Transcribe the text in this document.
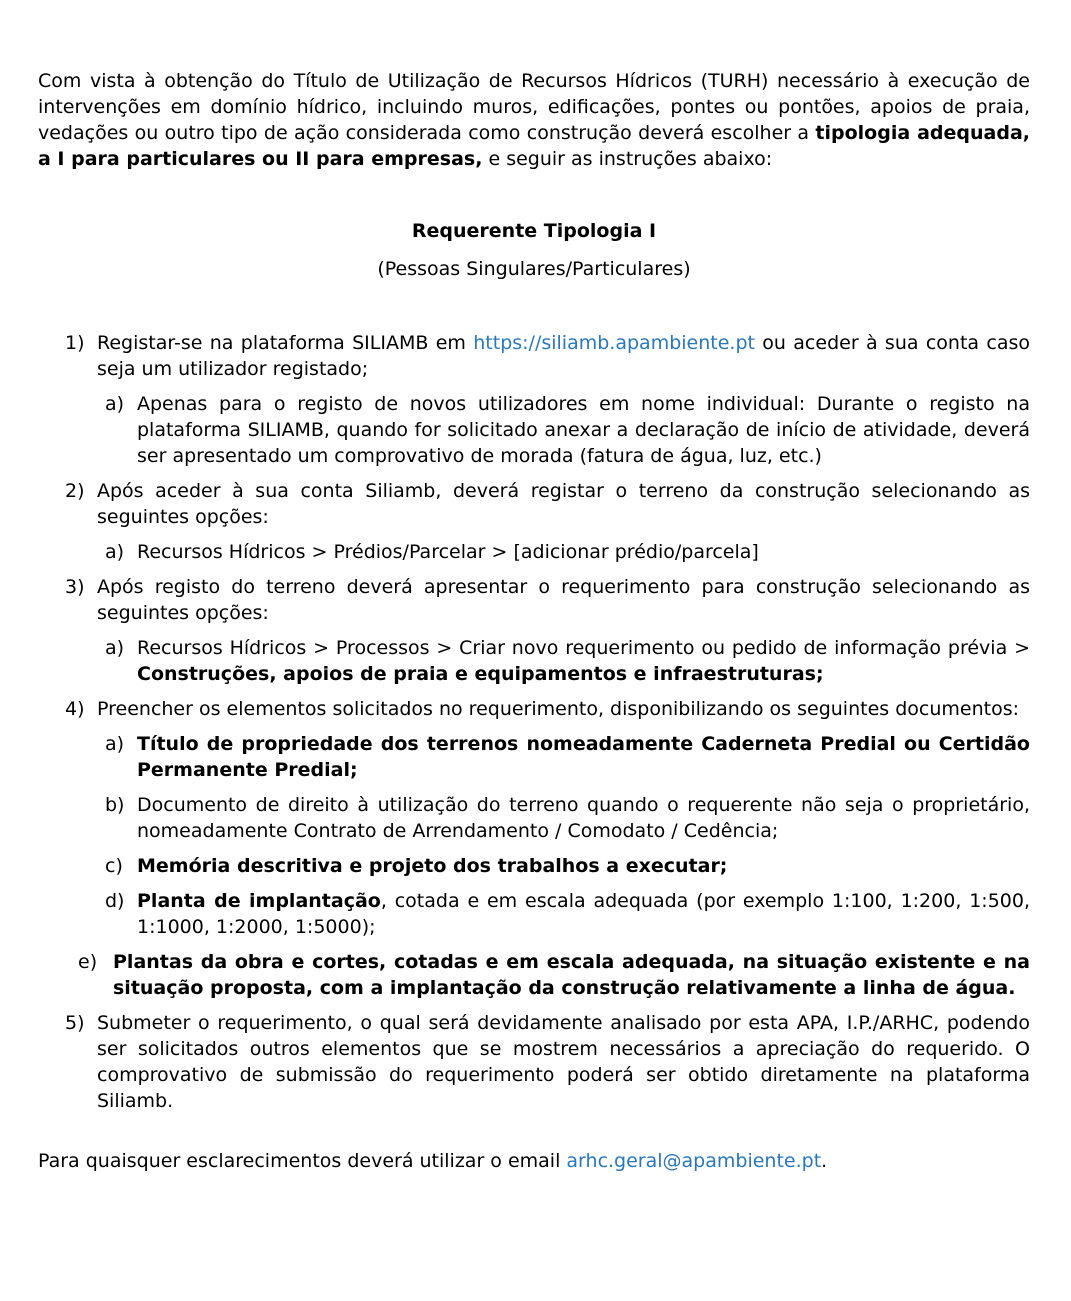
Com vista à obtenção do Título de Utilização de Recursos Hídricos (TURH) necessário à execução de intervenções em domínio hídrico, incluindo muros, edificações, pontes ou pontões, apoios de praia, vedações ou outro tipo de ação considerada como construção deverá escolher a tipologia adequada, a I para particulares ou II para empresas, e seguir as instruções abaixo:

Requerente Tipologia I
(Pessoas Singulares/Particulares)
1) Registar-se na plataforma SILIAMB em https://siliamb.apambiente.pt ou aceder à sua conta caso seja um utilizador registado;
a) Apenas para o registo de novos utilizadores em nome individual: Durante o registo na plataforma SILIAMB, quando for solicitado anexar a declaração de início de atividade, deverá ser apresentado um comprovativo de morada (fatura de água, luz, etc.)
2) Após aceder à sua conta Siliamb, deverá registar o terreno da construção selecionando as seguintes opções:
a) Recursos Hídricos > Prédios/Parcelar > [adicionar prédio/parcela]
3) Após registo do terreno deverá apresentar o requerimento para construção selecionando as seguintes opções:
a) Recursos Hídricos > Processos > Criar novo requerimento ou pedido de informação prévia >
Construções, apoios de praia e equipamentos e infraestruturas;
4) Preencher os elementos solicitados no requerimento, disponibilizando os seguintes documentos:
a) Título de propriedade dos terrenos nomeadamente Caderneta Predial ou Certidão Permanente Predial;
b) Documento de direito à utilização do terreno quando o requerente não seja o proprietário, nomeadamente Contrato de Arrendamento / Comodato / Cedência;
c) Memória descritiva e projeto dos trabalhos a executar;
d) Planta de implantação, cotada e em escala adequada (por exemplo 1:100, 1:200, 1:500, 1:1000, 1:2000, 1:5000);
e) Plantas da obra e cortes, cotadas e em escala adequada, na situação existente e na situação proposta, com a implantação da construção relativamente a linha de água.
5) Submeter o requerimento, o qual será devidamente analisado por esta APA, I.P./ARHC, podendo ser solicitados outros elementos que se mostrem necessários a apreciação do requerido. O comprovativo de submissão do requerimento poderá ser obtido diretamente na plataforma Siliamb.

Para quaisquer esclarecimentos deverá utilizar o email arhc.geral@apambiente.pt.
